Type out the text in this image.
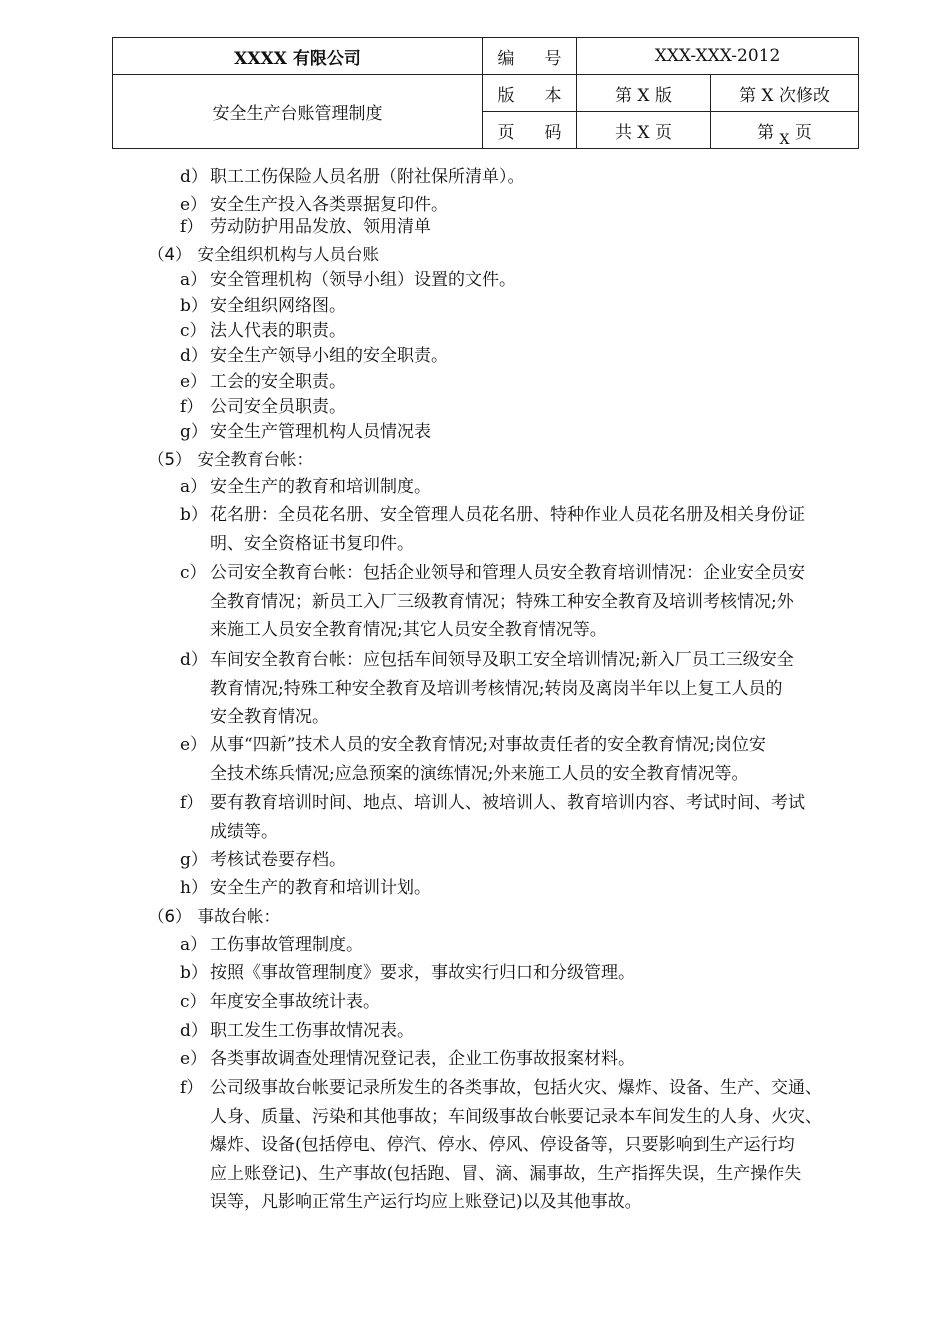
XXXX 有限公司	编号	XXX-XXX-2012	
安全生产台账管理制度	版本	第 X 版	第 X 次修改
	页码	共 X 页	第 $_X$ 页
d） 职工工伤保险人员名册（附社保所清单）。
e） 安全生产投入各类票据复印件。
f） 劳动防护用品发放、领用清单
（4） 安全组织机构与人员台账
a） 安全管理机构（领导小组）设置的文件。
b） 安全组织网络图。
c） 法人代表的职责。
d） 安全生产领导小组的安全职责。
e） 工会的安全职责。
f） 公司安全员职责。
g） 安全生产管理机构人员情况表
（5） 安全教育台帐：
a） 安全生产的教育和培训制度。
b） 花名册：全员花名册、安全管理人员花名册、特种作业人员花名册及相关身份证
明、安全资格证书复印件。
c） 公司安全教育台帐：包括企业领导和管理人员安全教育培训情况：企业安全员安
全教育情况；新员工入厂三级教育情况；特殊工种安全教育及培训考核情况;外
来施工人员安全教育情况;其它人员安全教育情况等。
d） 车间安全教育台帐：应包括车间领导及职工安全培训情况;新入厂员工三级安全
教育情况;特殊工种安全教育及培训考核情况;转岗及离岗半年以上复工人员的
安全教育情况。
e） 从事“四新”技术人员的安全教育情况;对事故责任者的安全教育情况;岗位安
全技术练兵情况;应急预案的演练情况;外来施工人员的安全教育情况等。
f） 要有教育培训时间、地点、培训人、被培训人、教育培训内容、考试时间、考试
成绩等。
g） 考核试卷要存档。
h） 安全生产的教育和培训计划。
（6） 事故台帐：
a） 工伤事故管理制度。
b） 按照《事故管理制度》要求，事故实行归口和分级管理。
c） 年度安全事故统计表。
d） 职工发生工伤事故情况表。
e） 各类事故调查处理情况登记表，企业工伤事故报案材料。
f） 公司级事故台帐要记录所发生的各类事故，包括火灾、爆炸、设备、生产、交通、
人身、质量、污染和其他事故；车间级事故台帐要记录本车间发生的人身、火灾、
爆炸、设备(包括停电、停汽、停水、停风、停设备等，只要影响到生产运行均
应上账登记)、生产事故(包括跑、冒、滴、漏事故，生产指挥失误，生产操作失
误等，凡影响正常生产运行均应上账登记)以及其他事故。
